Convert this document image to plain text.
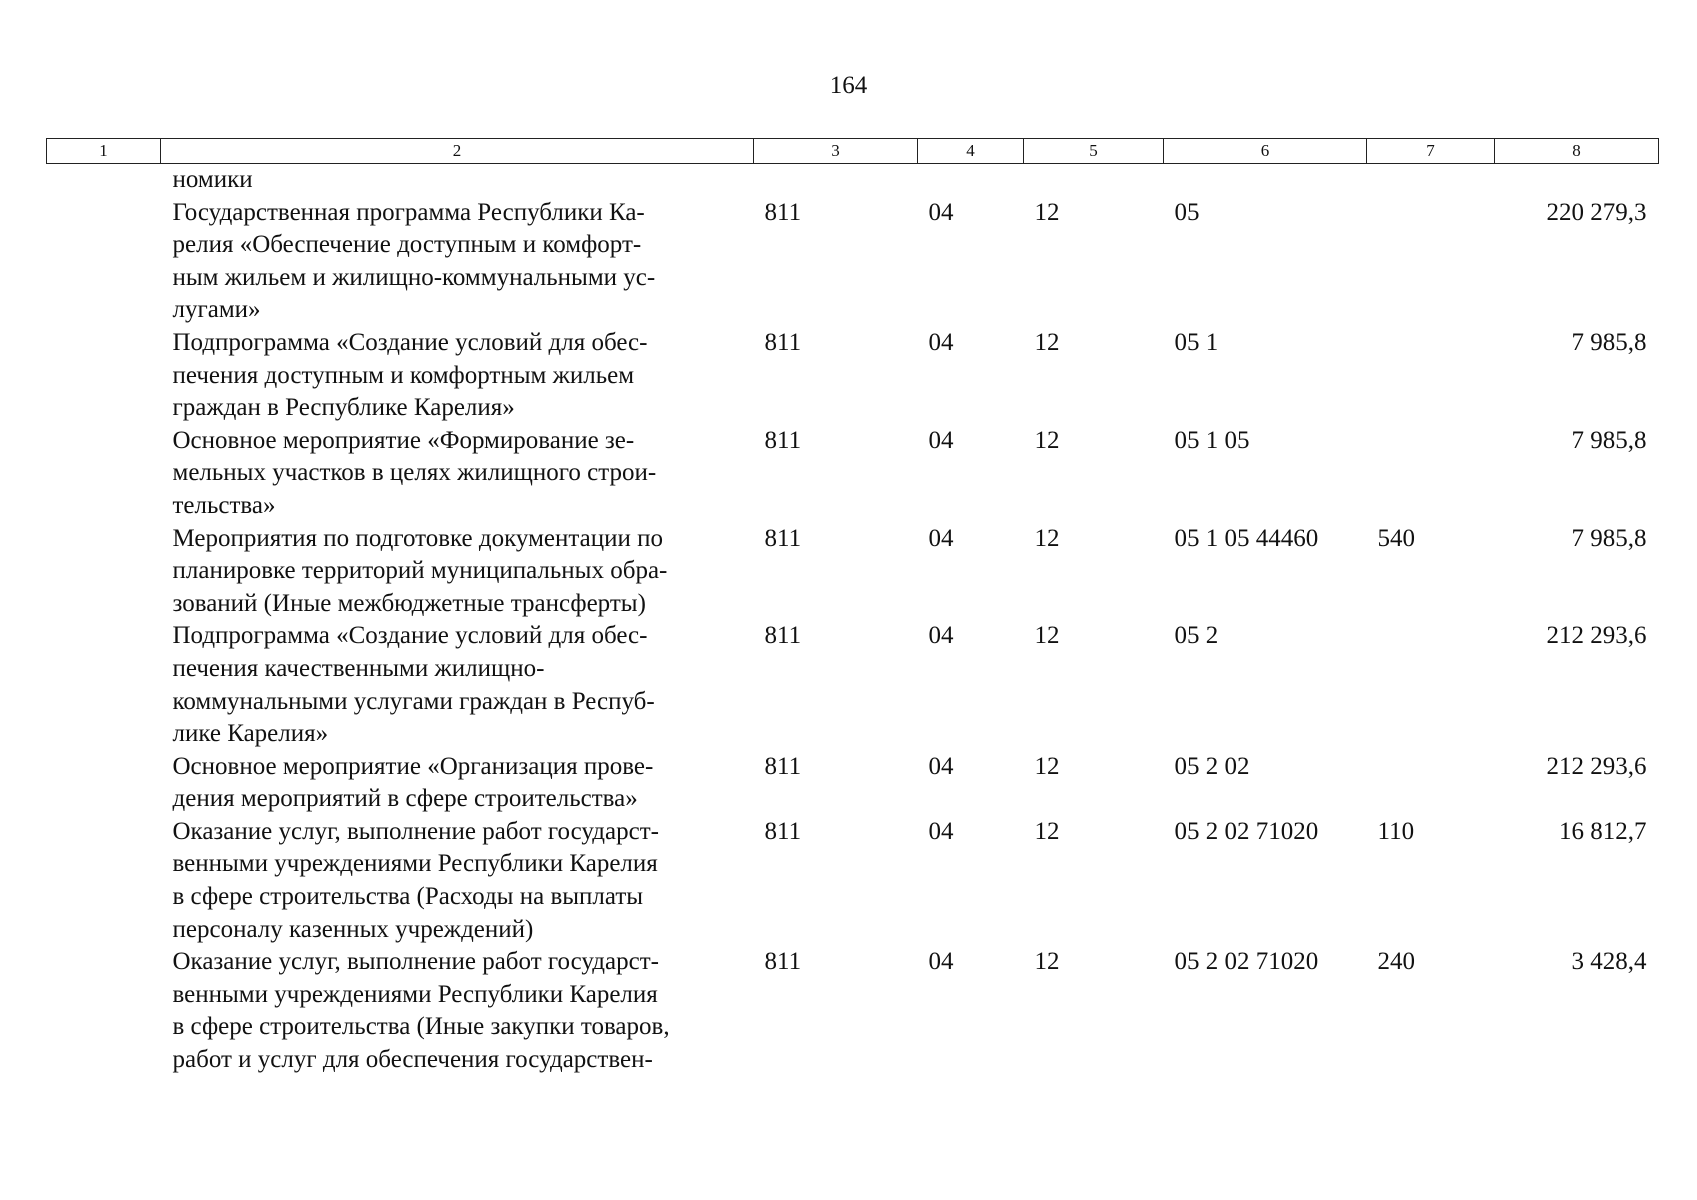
164
1	2	3	4	5	6	7	8
	номики						

	Государственная программа Республики Ка-
релия «Обеспечение доступным и комфорт-
ным жильем и жилищно-коммунальными ус-
лугами»	811	04	12	05		220 279,3

	Подпрограмма «Создание условий для обес-
печения доступным и комфортным жильем
граждан в Республике Карелия»	811	04	12	05 1		7 985,8

	Основное мероприятие «Формирование зе-
мельных участков в целях жилищного строи-
тельства»	811	04	12	05 1 05		7 985,8

	Мероприятия по подготовке документации по
планировке территорий муниципальных обра-
зований (Иные межбюджетные трансферты)	811	04	12	05 1 05 44460	540	7 985,8

	Подпрограмма «Создание условий для обес-
печения качественными жилищно-
коммунальными услугами граждан в Респуб-
лике Карелия»	811	04	12	05 2		212 293,6

	Основное мероприятие «Организация прове-
дения мероприятий в сфере строительства»	811	04	12	05 2 02		212 293,6

	Оказание услуг, выполнение работ государст-
венными учреждениями Республики Карелия
в сфере строительства (Расходы на выплаты
персоналу казенных учреждений)	811	04	12	05 2 02 71020	110	16 812,7

	Оказание услуг, выполнение работ государст-
венными учреждениями Республики Карелия
в сфере строительства (Иные закупки товаров,
работ и услуг для обеспечения государствен-	811	04	12	05 2 02 71020	240	3 428,4
